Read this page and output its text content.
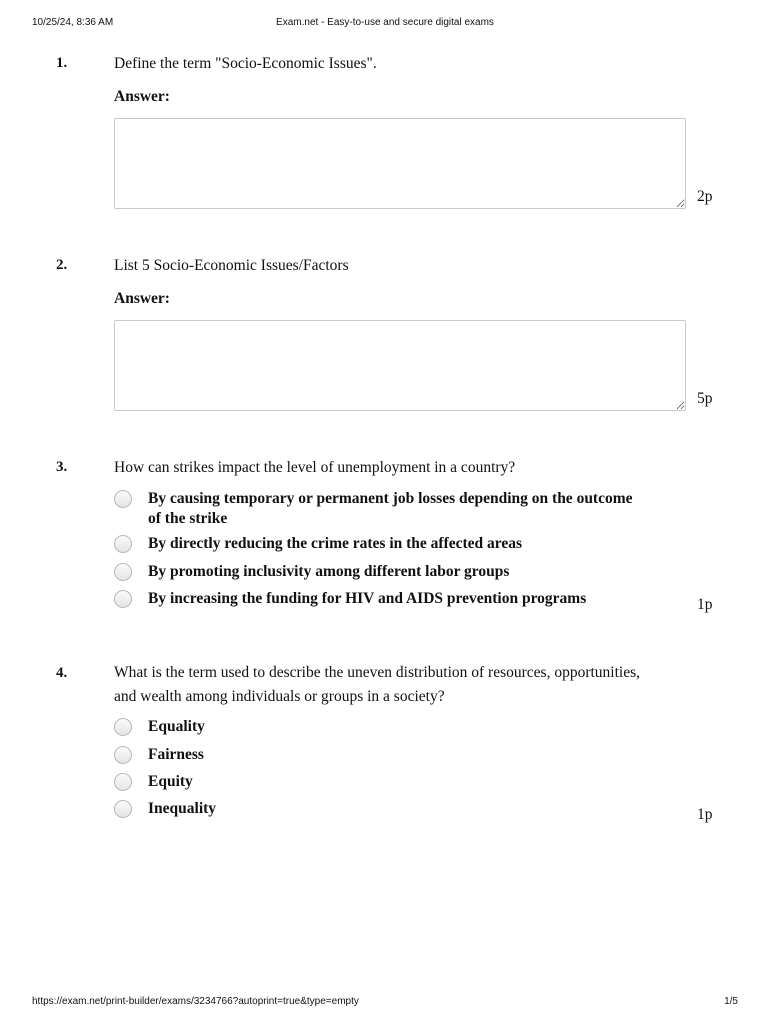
10/25/24, 8:36 AM	Exam.net - Easy-to-use and secure digital exams
1.	Define the term "Socio-Economic Issues".
Answer:
2p
2.	List 5 Socio-Economic Issues/Factors
Answer:
5p
3.	How can strikes impact the level of unemployment in a country?
By causing temporary or permanent job losses depending on the outcome of the strike
By directly reducing the crime rates in the affected areas
By promoting inclusivity among different labor groups
By increasing the funding for HIV and AIDS prevention programs	1p
4.	What is the term used to describe the uneven distribution of resources, opportunities, and wealth among individuals or groups in a society?
Equality
Fairness
Equity
Inequality	1p
https://exam.net/print-builder/exams/3234766?autoprint=true&type=empty	1/5
